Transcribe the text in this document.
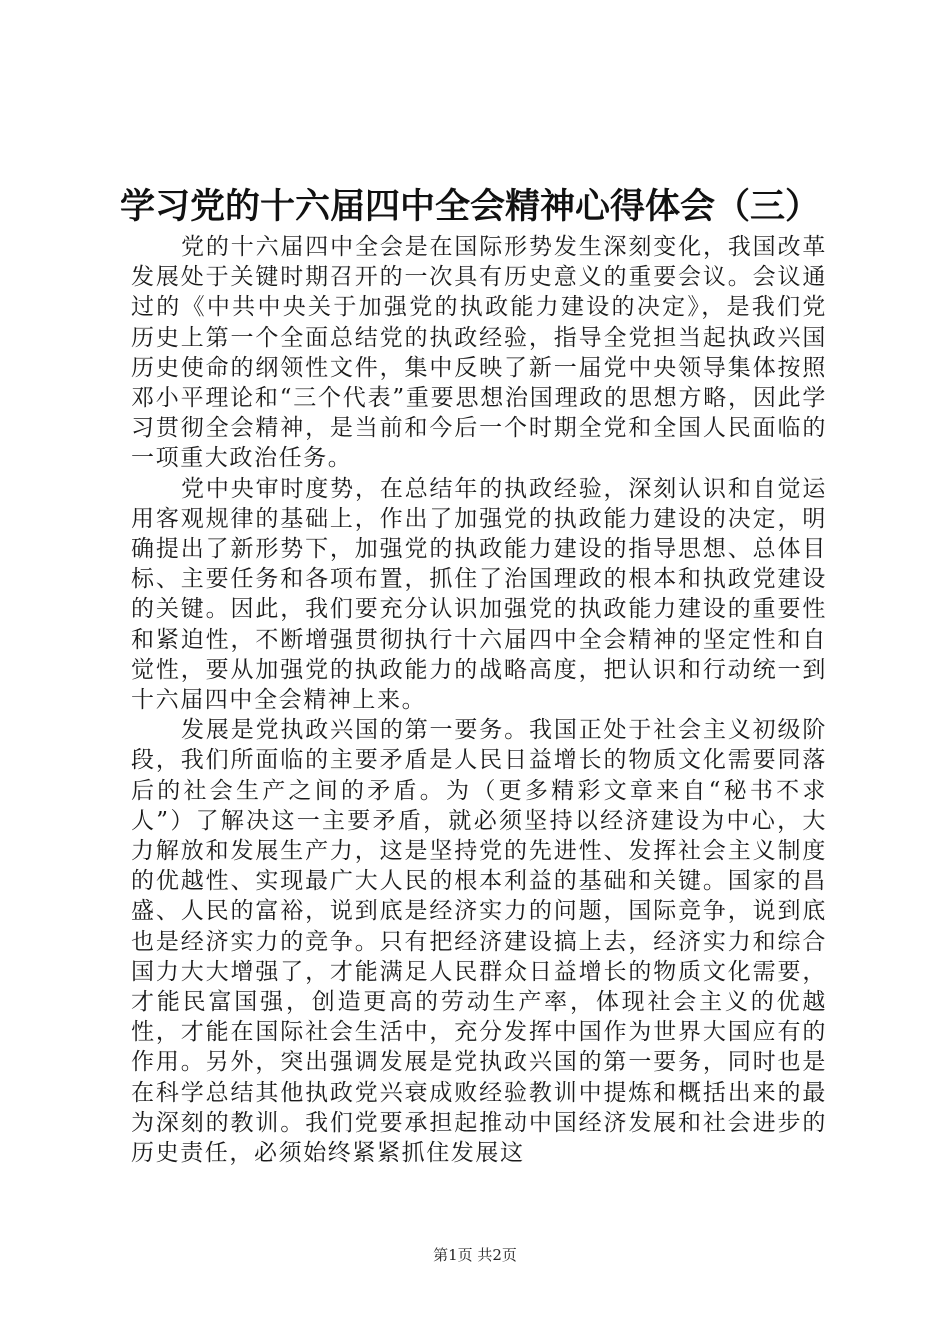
学习党的十六届四中全会精神心得体会（三）

党的十六届四中全会是在国际形势发生深刻变化，我国改革发展处于关键时期召开的一次具有历史意义的重要会议。会议通过的《中共中央关于加强党的执政能力建设的决定》，是我们党历史上第一个全面总结党的执政经验，指导全党担当起执政兴国历史使命的纲领性文件，集中反映了新一届党中央领导集体按照邓小平理论和“三个代表”重要思想治国理政的思想方略，因此学习贯彻全会精神，是当前和今后一个时期全党和全国人民面临的一项重大政治任务。

党中央审时度势，在总结年的执政经验，深刻认识和自觉运用客观规律的基础上，作出了加强党的执政能力建设的决定，明确提出了新形势下，加强党的执政能力建设的指导思想、总体目标、主要任务和各项布置，抓住了治国理政的根本和执政党建设的关键。因此，我们要充分认识加强党的执政能力建设的重要性和紧迫性，不断增强贯彻执行十六届四中全会精神的坚定性和自觉性，要从加强党的执政能力的战略高度，把认识和行动统一到十六届四中全会精神上来。

发展是党执政兴国的第一要务。我国正处于社会主义初级阶段，我们所面临的主要矛盾是人民日益增长的物质文化需要同落后的社会生产之间的矛盾。为（更多精彩文章来自“秘书不求人”）了解决这一主要矛盾，就必须坚持以经济建设为中心，大力解放和发展生产力，这是坚持党的先进性、发挥社会主义制度的优越性、实现最广大人民的根本利益的基础和关键。国家的昌盛、人民的富裕，说到底是经济实力的问题，国际竞争，说到底也是经济实力的竞争。只有把经济建设搞上去，经济实力和综合国力大大增强了，才能满足人民群众日益增长的物质文化需要，才能民富国强，创造更高的劳动生产率，体现社会主义的优越性，才能在国际社会生活中，充分发挥中国作为世界大国应有的作用。另外，突出强调发展是党执政兴国的第一要务，同时也是在科学总结其他执政党兴衰成败经验教训中提炼和概括出来的最为深刻的教训。我们党要承担起推动中国经济发展和社会进步的历史责任，必须始终紧紧抓住发展这

第1页 共2页
